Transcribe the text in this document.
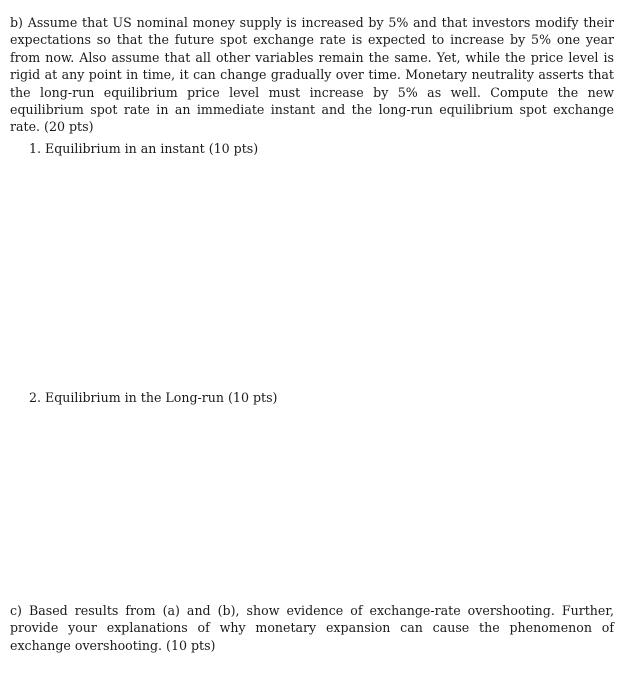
b) Assume that US nominal money supply is increased by 5% and that investors modify their expectations so that the future spot exchange rate is expected to increase by 5% one year from now. Also assume that all other variables remain the same. Yet, while the price level is rigid at any point in time, it can change gradually over time. Monetary neutrality asserts that the long-run equilibrium price level must increase by 5% as well. Compute the new equilibrium spot rate in an immediate instant and the long-run equilibrium spot exchange rate. (20 pts)

1. Equilibrium in an instant (10 pts)

2. Equilibrium in the Long-run (10 pts)

c) Based results from (a) and (b), show evidence of exchange-rate overshooting. Further, provide your explanations of why monetary expansion can cause the phenomenon of exchange overshooting. (10 pts)
